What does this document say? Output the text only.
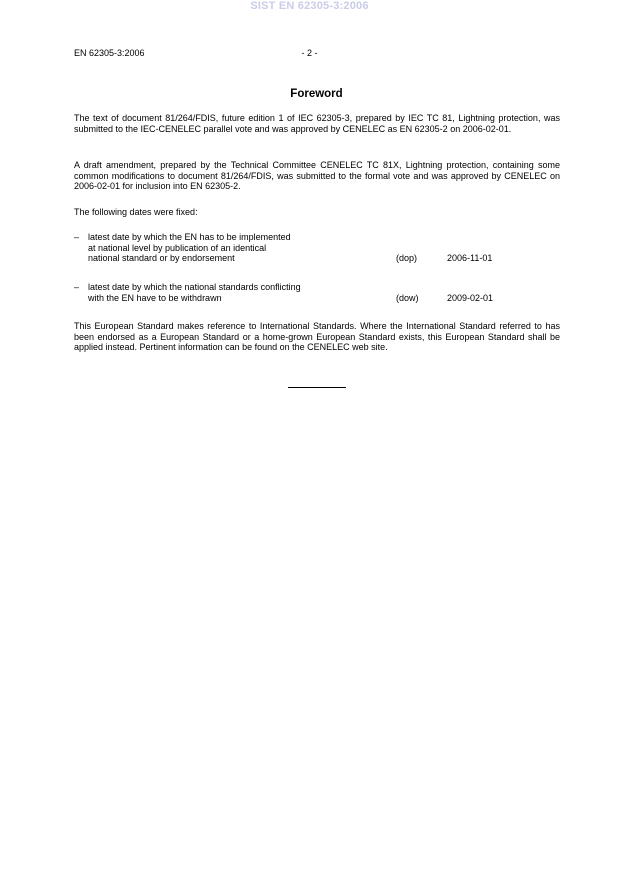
SIST EN 62305-3:2006
EN 62305-3:2006	- 2 -
Foreword

The text of document 81/264/FDIS, future edition 1 of IEC 62305-3, prepared by IEC TC 81, Lightning protection, was submitted to the IEC-CENELEC parallel vote and was approved by CENELEC as EN 62305-2 on 2006-02-01.

A draft amendment, prepared by the Technical Committee CENELEC TC 81X, Lightning protection, containing some common modifications to document 81/264/FDIS, was submitted to the formal vote and was approved by CENELEC on 2006-02-01 for inclusion into EN 62305-2.

The following dates were fixed:

– latest date by which the EN has to be implemented
at national level by publication of an identical
national standard or by endorsement	(dop)	2006-11-01
– latest date by which the national standards conflicting
with the EN have to be withdrawn	(dow)	2009-02-01

This European Standard makes reference to International Standards. Where the International Standard referred to has been endorsed as a European Standard or a home-grown European Standard exists, this European Standard shall be applied instead. Pertinent information can be found on the CENELEC web site.
